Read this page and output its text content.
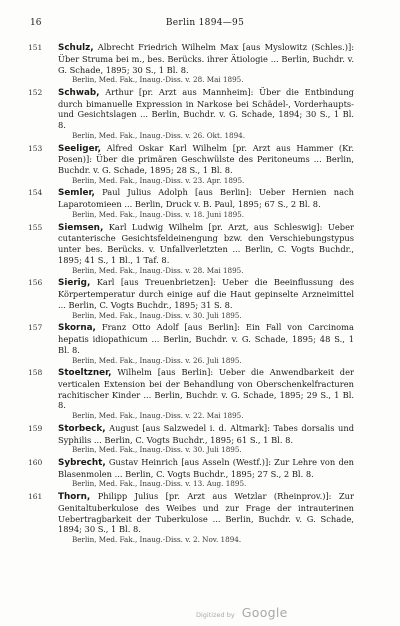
16	Berlin 1894—95
151 Schulz, Albrecht Friedrich Wilhelm Max [aus Myslowitz (Schles.)]: Über Struma bei m., bes. Berücks. ihrer Ätiologie ... Berlin, Buchdr. v. G. Schade, 1895; 30 S., 1 Bl. 8.
Berlin, Med. Fak., Inaug.-Diss. v. 28. Mai 1895.
152 Schwab, Arthur [pr. Arzt aus Mannheim]: Über die Entbindung durch bimanuelle Expression in Narkose bei Schädel-, Vorderhaupts- und Gesichtslagen ... Berlin, Buchdr. v. G. Schade, 1894; 30 S., 1 Bl. 8.
Berlin, Med. Fak., Inaug.-Diss. v. 26. Okt. 1894.
153 Seeliger, Alfred Oskar Karl Wilhelm [pr. Arzt aus Hammer (Kr. Posen)]: Über die primären Geschwülste des Peritoneums ... Berlin, Buchdr. v. G. Schade, 1895; 28 S., 1 Bl. 8.
Berlin, Med. Fak., Inaug.-Diss. v. 23. Apr. 1895.
154 Semler, Paul Julius Adolph [aus Berlin]: Ueber Hernien nach Laparotomieen ... Berlin, Druck v. B. Paul, 1895; 67 S., 2 Bl. 8.
Berlin, Med. Fak., Inaug.-Diss. v. 18. Juni 1895.
155 Siemsen, Karl Ludwig Wilhelm [pr. Arzt, aus Schleswig]: Ueber cutanterische Gesichtsfeldeinengung bzw. den Verschiebungstypus unter bes. Berücks. v. Unfallverletzten ... Berlin, C. Vogts Buchdr., 1895; 41 S., 1 Bl., 1 Taf. 8.
Berlin, Med. Fak., Inaug.-Diss. v. 28. Mai 1895.
156 Sierig, Karl [aus Treuenbrietzen]: Ueber die Beeinflussung des Körpertemperatur durch einige auf die Haut gepinselte Arzneimittel ... Berlin, C. Vogts Buchdr., 1895; 31 S. 8.
Berlin, Med. Fak., Inaug.-Diss. v. 30. Juli 1895.
157 Skorna, Franz Otto Adolf [aus Berlin]: Ein Fall von Carcinoma hepatis idiopathicum ... Berlin, Buchdr. v. G. Schade, 1895; 48 S., 1 Bl. 8.
Berlin, Med. Fak., Inaug.-Diss. v. 26. Juli 1895.
158 Stoeltzner, Wilhelm [aus Berlin]: Ueber die Anwendbarkeit der verticalen Extension bei der Behandlung von Oberschenkelfracturen rachitischer Kinder ... Berlin, Buchdr. v. G. Schade, 1895; 29 S., 1 Bl. 8.
Berlin, Med. Fak., Inaug.-Diss. v. 22. Mai 1895.
159 Storbeck, August [aus Salzwedel i. d. Altmark]: Tabes dorsalis und Syphilis ... Berlin, C. Vogts Buchdr., 1895; 61 S., 1 Bl. 8.
Berlin, Med. Fak., Inaug.-Diss. v. 30. Juli 1895.
160 Sybrecht, Gustav Heinrich [aus Asseln (Westf.)]: Zur Lehre von den Blasenmolen ... Berlin, C. Vogts Buchdr., 1895; 27 S., 2 Bl. 8.
Berlin, Med. Fak., Inaug.-Diss. v. 13. Aug. 1895.
161 Thorn, Philipp Julius [pr. Arzt aus Wetzlar (Rheinprov.)]: Zur Genitaltuberkulose des Weibes und zur Frage der intrauterinen Uebertragbarkeit der Tuberkulose ... Berlin, Buchdr. v. G. Schade, 1894; 30 S., 1 Bl. 8.
Berlin, Med. Fak., Inaug.-Diss. v. 2. Nov. 1894.
Digitized by Google
